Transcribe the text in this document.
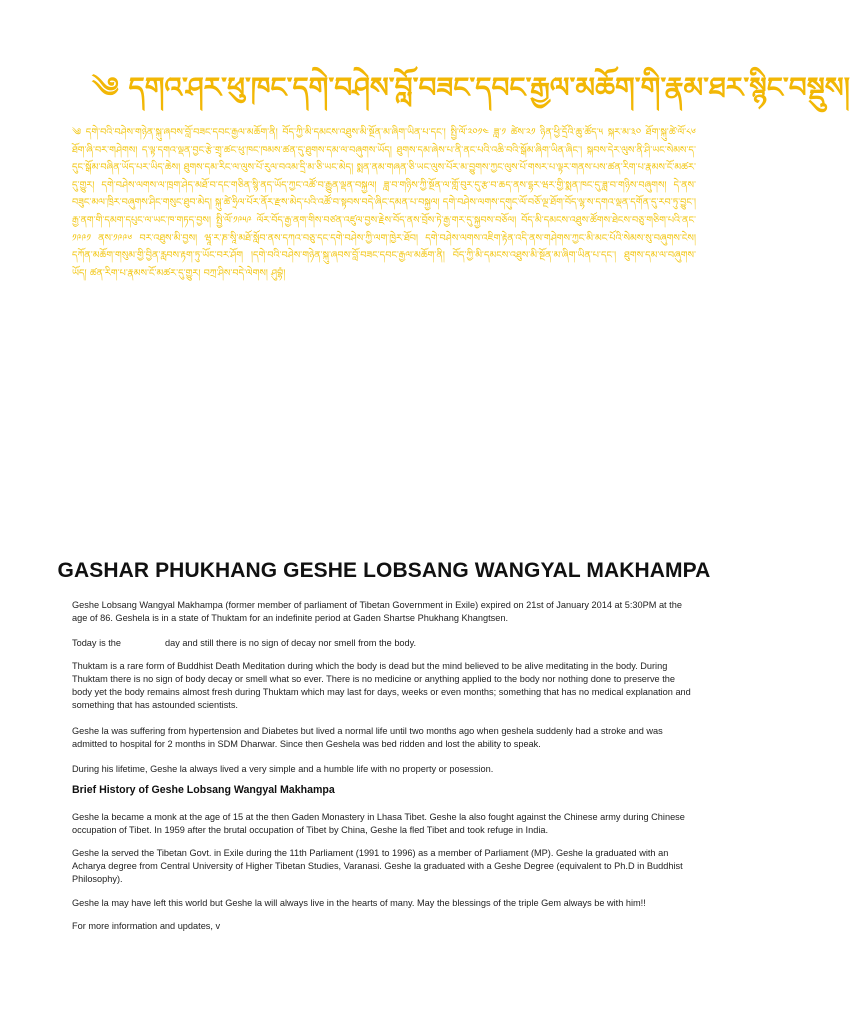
༄ དགའ་ཤར་ཕུ་ཁང་དགེ་བཤེས་བློ་བཟང་དབང་རྒྱལ་མཆོག་གི་རྣམ་ཐར་སྙིང་བསྡུས།
༄ དགེ་བའི་བཤེས་གཉེན་སྐུ་ཞབས་བློ་བཟང་དབང་རྒྱལ་མཆོག་ནི། བོད་ཀྱི་མི་དམངས་འཐུས་མི་སྔོན་མ་ཞིག་ཡིན་པ་དང་། སྤྱི་ལོ་༢༠༡༤ ཟླ་༡ ཚེས་༢༡ ཉིན་ཕྱི་དྲོའི་ཆུ་ཚོད་༥ སྐར་མ་༣༠ ཐོག་སྐུ་ཚེ་ལོ་༨༦ ཐོག་ཞི་བར་གཤེགས། ད་ལྟ་དགའ་ལྡན་བྱང་རྩེ་གྲྭ་ཚང་ཕུ་ཁང་ཁམས་ཚན་དུ་ཐུགས་དམ་ལ་བཞུགས་ཡོད། ཐུགས་དམ་ཞེས་པ་ནི་ནང་པའི་འཆི་བའི་སྒོམ་ཞིག་ཡིན་ཞིང་། སྐབས་དེར་ལུས་ནི་ཤི་ཡང་སེམས་ད་དུང་སྒོམ་བཞིན་ཡོད་པར་ཡིད་ཆེས། ཐུགས་དམ་རིང་ལ་ལུས་པོ་རུལ་བའམ་དྲི་མ་ཅི་ཡང་མེད། སྨན་ནམ་གཞན་ཅི་ཡང་ལུས་པོར་མ་བྱུགས་ཀྱང་ལུས་པོ་གསར་པ་ལྟར་གནས་པས་ཚན་རིག་པ་རྣམས་ངོ་མཚར་དུ་གྱུར། དགེ་བཤེས་ལགས་ལ་ཁྲག་ཤེད་མཐོ་བ་དང་གཅིན་སྙི་ནད་ཡོད་ཀྱང་འཚོ་བ་རྒྱུན་ལྡན་བསྐྱལ། ཟླ་བ་གཉིས་ཀྱི་སྔོན་ལ་གློ་བུར་དུ་རྩ་བ་ཆད་ནས་དྷར་ཝར་གྱི་སྨན་ཁང་དུ་ཟླ་བ་གཉིས་བཞུགས། དེ་ནས་བཟུང་མལ་ཁྲིར་བཞུགས་ཤིང་གསུང་ཐུབ་མེད། སྐུ་ཚེ་ཧྲིལ་པོར་ནོར་རྫས་མེད་པའི་འཚོ་བ་སྟབས་བདེ་ཞིང་དམན་པ་བསྐྱལ། དགེ་བཤེས་ལགས་དགུང་ལོ་བཅོ་ལྔ་ཐོག་བོད་ལྷ་ས་དགའ་ལྡན་དགོན་དུ་རབ་ཏུ་བྱུང་། རྒྱ་ནག་གི་དམག་དཔུང་ལ་ཡང་ཁ་གཏད་བྱས། སྤྱི་ལོ་༡༩༥༩ ལོར་བོད་རྒྱ་ནག་གིས་བཙན་འཛུལ་བྱས་རྗེས་བོད་ནས་བྲོས་ཏེ་རྒྱ་གར་དུ་སྐྱབས་བཅོལ། བོད་མི་དམངས་འཐུས་ཚོགས་ཐེངས་བཅུ་གཅིག་པའི་ནང་༡༩༩༡ ནས་༡༩༩༦ བར་འཐུས་མི་བྱས། ཝཱ་ར་ཎ་སཱི་མཐོ་སློབ་ནས་དཀའ་བཅུ་དང་དགེ་བཤེས་ཀྱི་ལག་ཁྱེར་ཐོབ། དགེ་བཤེས་ལགས་འཇིག་རྟེན་འདི་ནས་གཤེགས་ཀྱང་མི་མང་པོའི་སེམས་སུ་བཞུགས་ངེས། དཀོན་མཆོག་གསུམ་གྱི་བྱིན་རླབས་རྟག་ཏུ་ཡོང་བར་ཤོག །དགེ་བའི་བཤེས་གཉེན་སྐུ་ཞབས་བློ་བཟང་དབང་རྒྱལ་མཆོག་ནི། བོད་ཀྱི་མི་དམངས་འཐུས་མི་སྔོན་མ་ཞིག་ཡིན་པ་དང་། ཐུགས་དམ་ལ་བཞུགས་ཡོད། ཚན་རིག་པ་རྣམས་ངོ་མཚར་དུ་གྱུར། བཀྲ་ཤིས་བདེ་ལེགས། ཤུབྷཾ།
GASHAR PHUKHANG GESHE LOBSANG WANGYAL MAKHAMPA
Geshe Lobsang Wangyal Makhampa (former member of parliament of Tibetan Government in Exile) expired on 21st of January 2014 at 5:30PM at the age of 86. Geshela is in a state of Thuktam for an indefinite period at Gaden Shartse Phukhang Khangtsen.
Today is the	day and still there is no sign of decay nor smell from the body.
Thuktam is a rare form of Buddhist Death Meditation during which the body is dead but the mind believed to be alive meditating in the body. During Thuktam there is no sign of body decay or smell what so ever. There is no medicine or anything applied to the body nor nothing done to preserve the body yet the body remains almost fresh during Thuktam which may last for days, weeks or even months; something that has no medical explanation and something that has astounded scientists.
Geshe la was suffering from hypertension and Diabetes but lived a normal life until two months ago when geshela suddenly had a stroke and was admitted to hospital for 2 months in SDM Dharwar. Since then Geshela was bed ridden and lost the ability to speak.
During his lifetime, Geshe la always lived a very simple and a humble life with no property or posession.
Brief History of Geshe Lobsang Wangyal Makhampa
Geshe la became a monk at the age of 15 at the then Gaden Monastery in Lhasa Tibet. Geshe la also fought against the Chinese army during Chinese occupation of Tibet. In 1959 after the brutal occupation of Tibet by China, Geshe la fled Tibet and took refuge in India.
Geshe la served the Tibetan Govt. in Exile during the 11th Parliament (1991 to 1996) as a member of Parliament (MP). Geshe la graduated with an Acharya degree from Central University of Higher Tibetan Studies, Varanasi. Geshe la graduated with a Geshe Degree (equivalent to Ph.D in Buddhist Philosophy).
Geshe la may have left this world but Geshe la will always live in the hearts of many. May the blessings of the triple Gem always be with him!!
For more information and updates, v
